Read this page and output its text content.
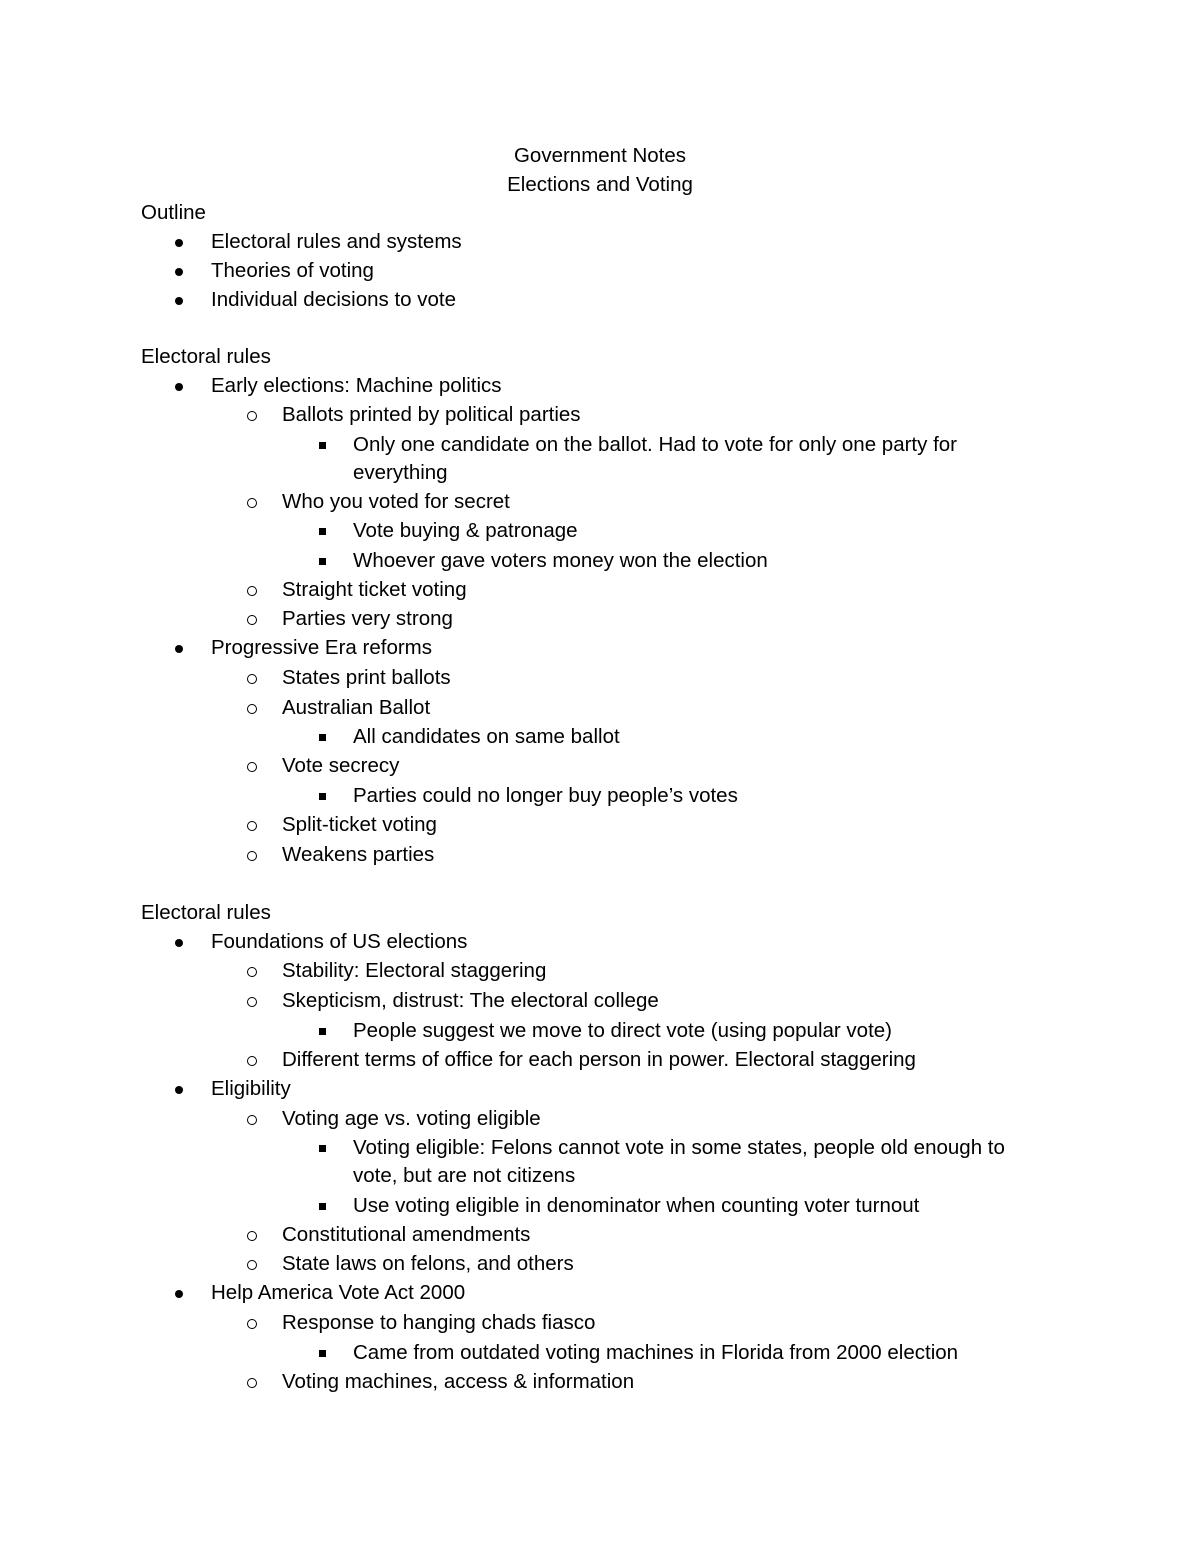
Government Notes
Elections and Voting
Outline
Electoral rules and systems
Theories of voting
Individual decisions to vote
Electoral rules
Early elections: Machine politics
Ballots printed by political parties
Only one candidate on the ballot. Had to vote for only one party for
everything
Who you voted for secret
Vote buying & patronage
Whoever gave voters money won the election
Straight ticket voting
Parties very strong
Progressive Era reforms
States print ballots
Australian Ballot
All candidates on same ballot
Vote secrecy
Parties could no longer buy people’s votes
Split-ticket voting
Weakens parties
Electoral rules
Foundations of US elections
Stability: Electoral staggering
Skepticism, distrust: The electoral college
People suggest we move to direct vote (using popular vote)
Different terms of office for each person in power. Electoral staggering
Eligibility
Voting age vs. voting eligible
Voting eligible: Felons cannot vote in some states, people old enough to
vote, but are not citizens
Use voting eligible in denominator when counting voter turnout
Constitutional amendments
State laws on felons, and others
Help America Vote Act 2000
Response to hanging chads fiasco
Came from outdated voting machines in Florida from 2000 election
Voting machines, access & information
